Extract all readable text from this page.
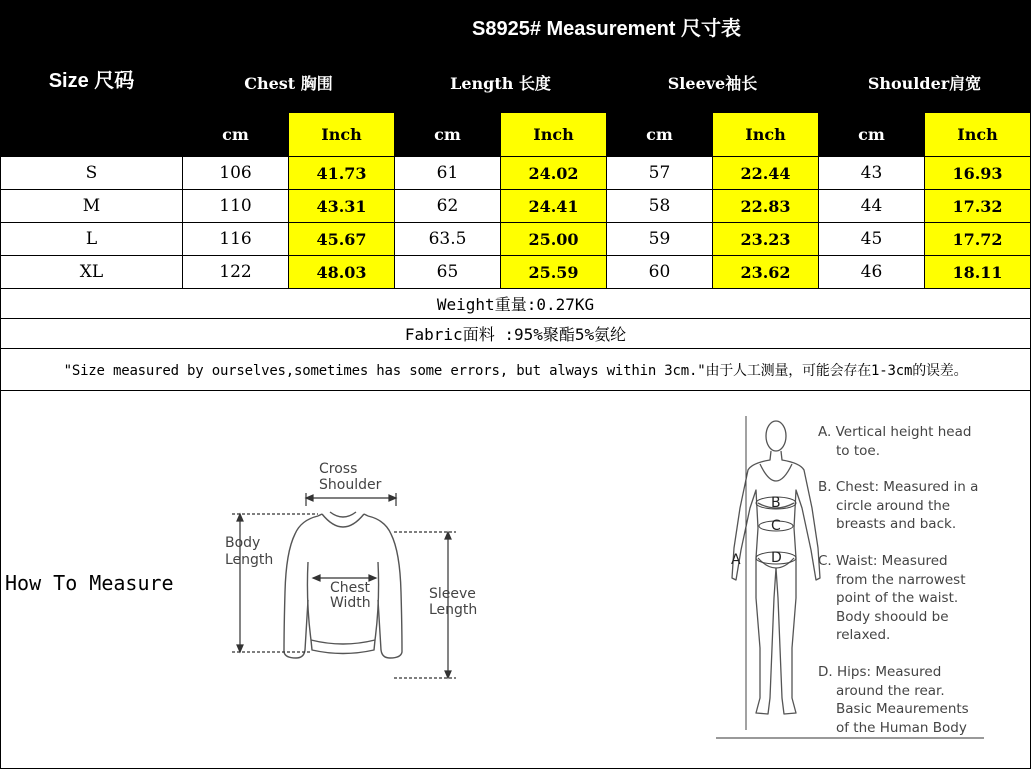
Size 尺码	S8925# Measurement 尺寸表							
	Chest 胸围		Length 长度		Sleeve袖长		Shoulder肩宽	
	cm	Inch	cm	Inch	cm	Inch	cm	Inch
S	106	41.73	61	24.02	57	22.44	43	16.93
M	110	43.31	62	24.41	58	22.83	44	17.32
L	116	45.67	63.5	25.00	59	23.23	45	17.72
XL	122	48.03	65	25.59	60	23.62	46	18.11
Weight重量:0.27KG								
Fabric面料 :95%聚酯5%氨纶								
"Size measured by ourselves,sometimes has some errors, but always within 3cm."由于人工测量，可能会存在1-3cm的误差。								
How To Measure
Cross
Shoulder
Body
Length
Chest
Width
Sleeve
Length
A
B
C
D
A. Vertical height head
to toe.
B. Chest: Measured in a
circle around the
breasts and back.
C. Waist: Measured
from the narrowest
point of the waist.
Body shoould be
relaxed.
D. Hips: Measured
around the rear.
Basic Meaurements
of the Human Body
